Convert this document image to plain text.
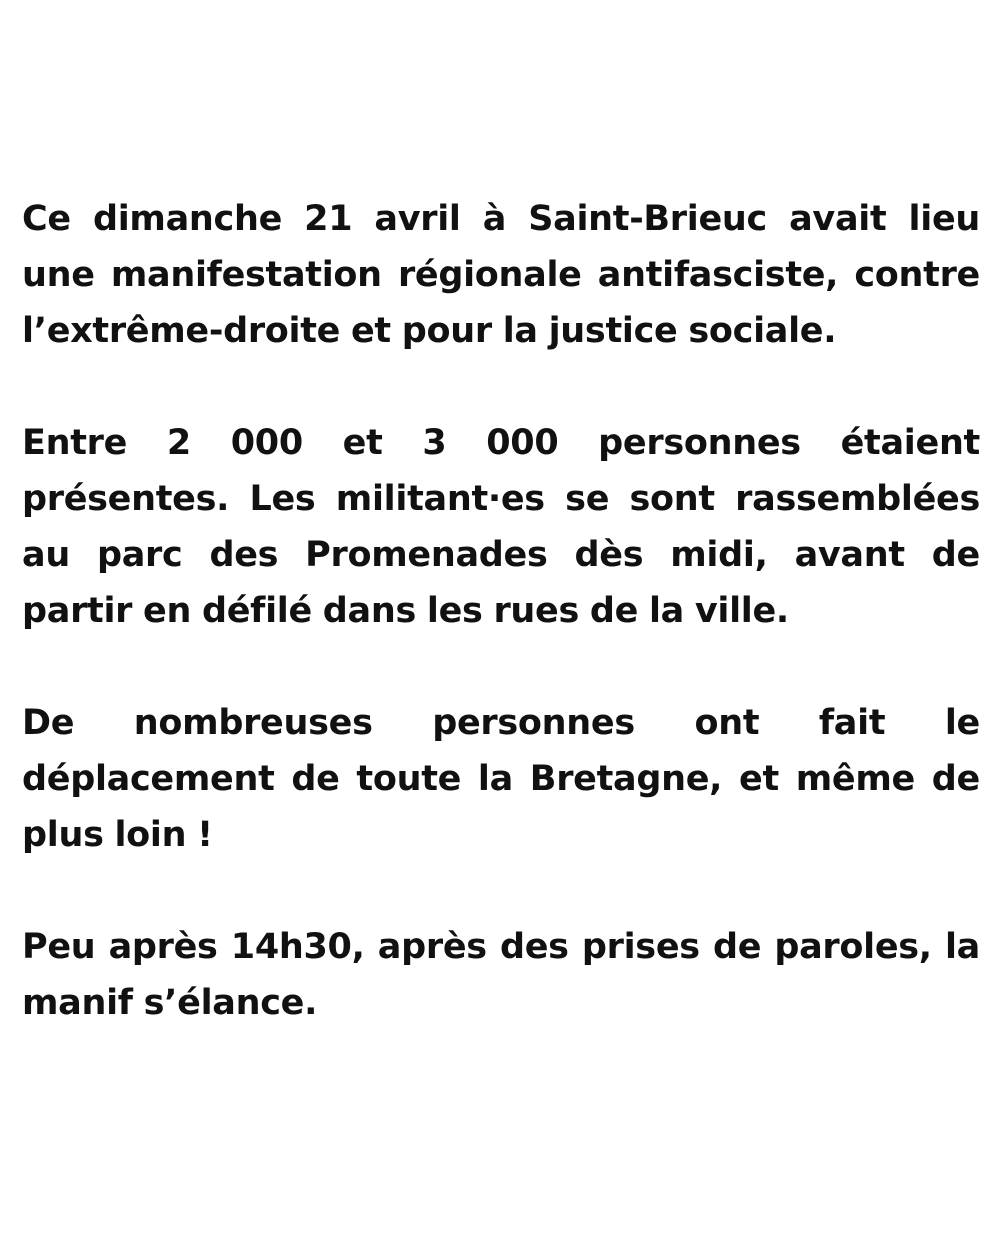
Ce dimanche 21 avril à Saint-Brieuc avait lieu une manifestation régionale antifasciste, contre l’extrême-droite et pour la justice sociale.

Entre 2 000 et 3 000 personnes étaient présentes. Les militant·es se sont rassemblées au parc des Promenades dès midi, avant de partir en défilé dans les rues de la ville.

De nombreuses personnes ont fait le déplacement de toute la Bretagne, et même de plus loin !

Peu après 14h30, après des prises de paroles, la manif s’élance.
